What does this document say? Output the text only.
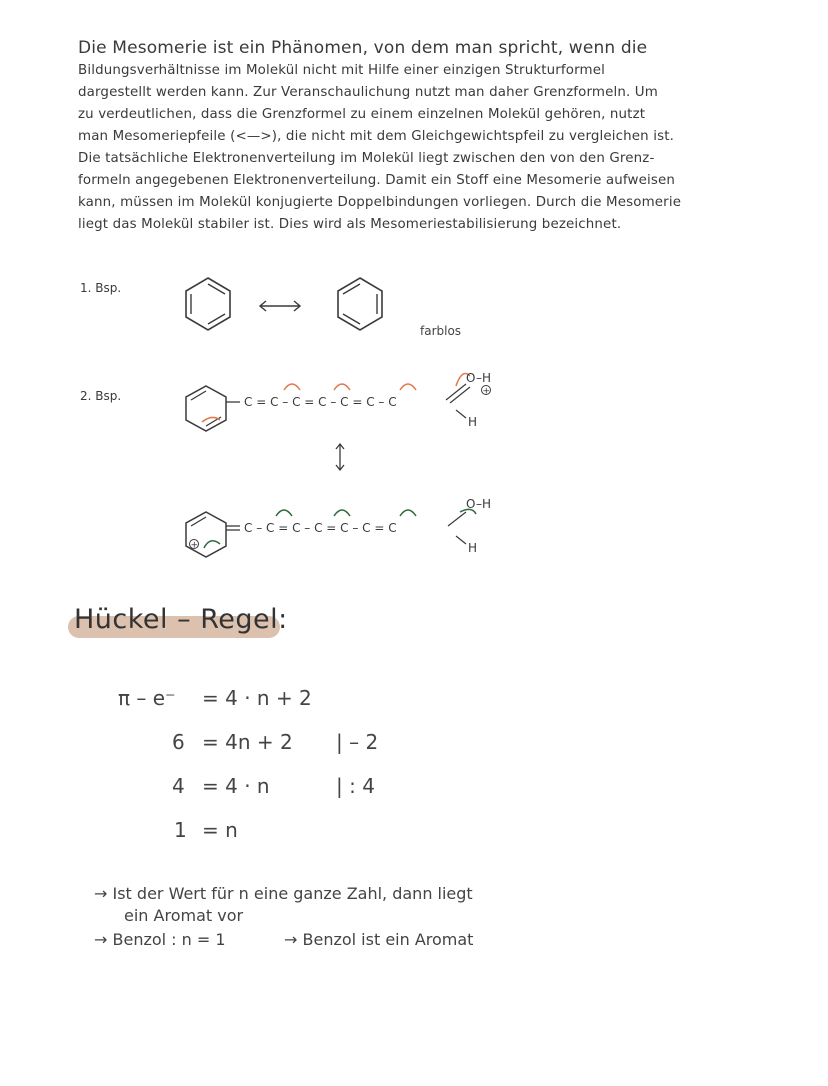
Die Mesomerie ist ein Phänomen, von dem man spricht, wenn die
Bildungsverhältnisse im Molekül nicht mit Hilfe einer einzigen Strukturformel
dargestellt werden kann. Zur Veranschaulichung nutzt man daher Grenzformeln. Um
zu verdeutlichen, dass die Grenzformel zu einem einzelnen Molekül gehören, nutzt
man Mesomeriepfeile (<—>), die nicht mit dem Gleichgewichtspfeil zu vergleichen ist.
Die tatsächliche Elektronenverteilung im Molekül liegt zwischen den von den Grenz-
formeln angegebenen Elektronenverteilung. Damit ein Stoff eine Mesomerie aufweisen
kann, müssen im Molekül konjugierte Doppelbindungen vorliegen. Durch die Mesomerie
liegt das Molekül stabiler ist. Dies wird als Mesomeriestabilisierung bezeichnet.
1. Bsp.
farblos
2. Bsp.	C = C – C = C – C = C – C
O –H
+
H
+
C – C = C – C = C – C = C
O –H
H
Hückel – Regel:
π – e⁻ = 4 · n + 2
6 = 4n + 2 | – 2
4 = 4 · n	| : 4
1 = n
→ Ist der Wert für n eine ganze Zahl, dann liegt
ein Aromat vor
→ Benzol : n = 1	→ Benzol ist ein Aromat
